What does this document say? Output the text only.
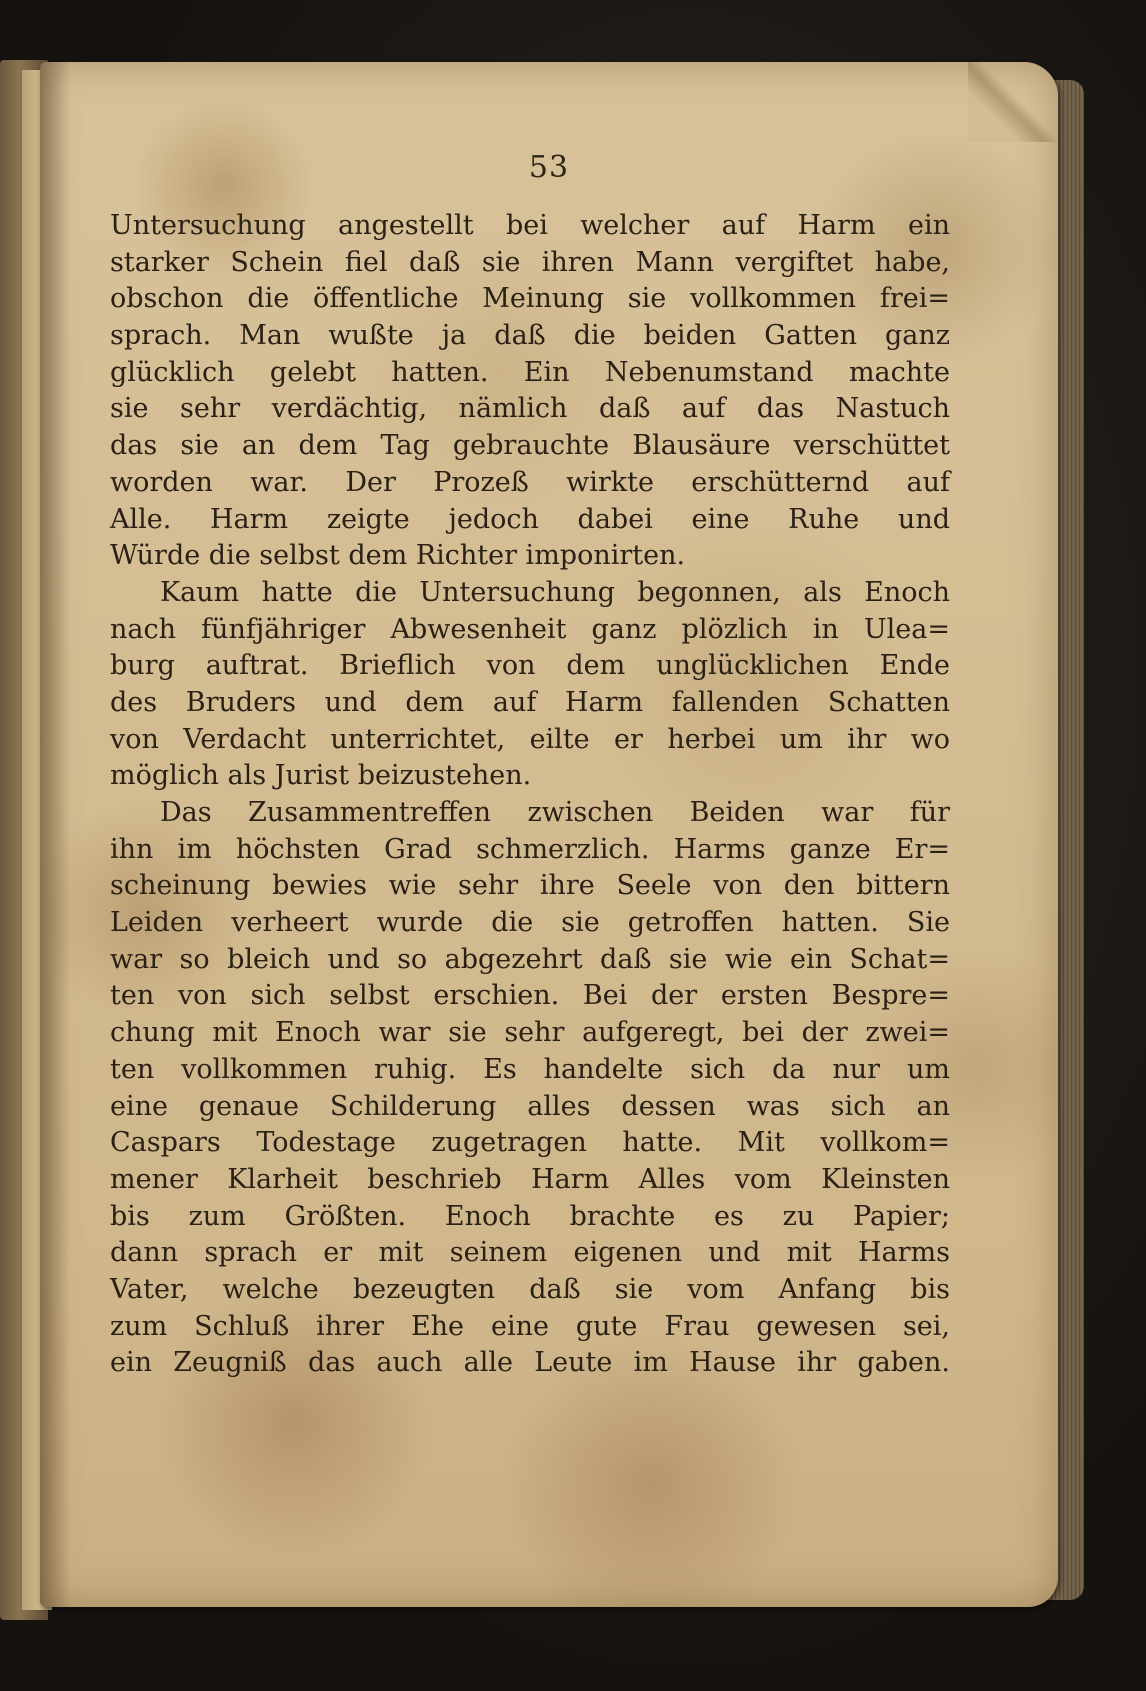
53
Untersuchung angestellt bei welcher auf Harm ein
starker Schein fiel daß sie ihren Mann vergiftet habe,
obschon die öffentliche Meinung sie vollkommen frei=
sprach. Man wußte ja daß die beiden Gatten ganz
glücklich gelebt hatten. Ein Nebenumstand machte
sie sehr verdächtig, nämlich daß auf das Nastuch
das sie an dem Tag gebrauchte Blausäure verschüttet
worden war. Der Prozeß wirkte erschütternd auf
Alle. Harm zeigte jedoch dabei eine Ruhe und
Würde die selbst dem Richter imponirten.
Kaum hatte die Untersuchung begonnen, als Enoch
nach fünfjähriger Abwesenheit ganz plözlich in Ulea=
burg auftrat. Brieflich von dem unglücklichen Ende
des Bruders und dem auf Harm fallenden Schatten
von Verdacht unterrichtet, eilte er herbei um ihr wo
möglich als Jurist beizustehen.
Das Zusammentreffen zwischen Beiden war für
ihn im höchsten Grad schmerzlich. Harms ganze Er=
scheinung bewies wie sehr ihre Seele von den bittern
Leiden verheert wurde die sie getroffen hatten. Sie
war so bleich und so abgezehrt daß sie wie ein Schat=
ten von sich selbst erschien. Bei der ersten Bespre=
chung mit Enoch war sie sehr aufgeregt, bei der zwei=
ten vollkommen ruhig. Es handelte sich da nur um
eine genaue Schilderung alles dessen was sich an
Caspars Todestage zugetragen hatte. Mit vollkom=
mener Klarheit beschrieb Harm Alles vom Kleinsten
bis zum Größten. Enoch brachte es zu Papier;
dann sprach er mit seinem eigenen und mit Harms
Vater, welche bezeugten daß sie vom Anfang bis
zum Schluß ihrer Ehe eine gute Frau gewesen sei,
ein Zeugniß das auch alle Leute im Hause ihr gaben.
